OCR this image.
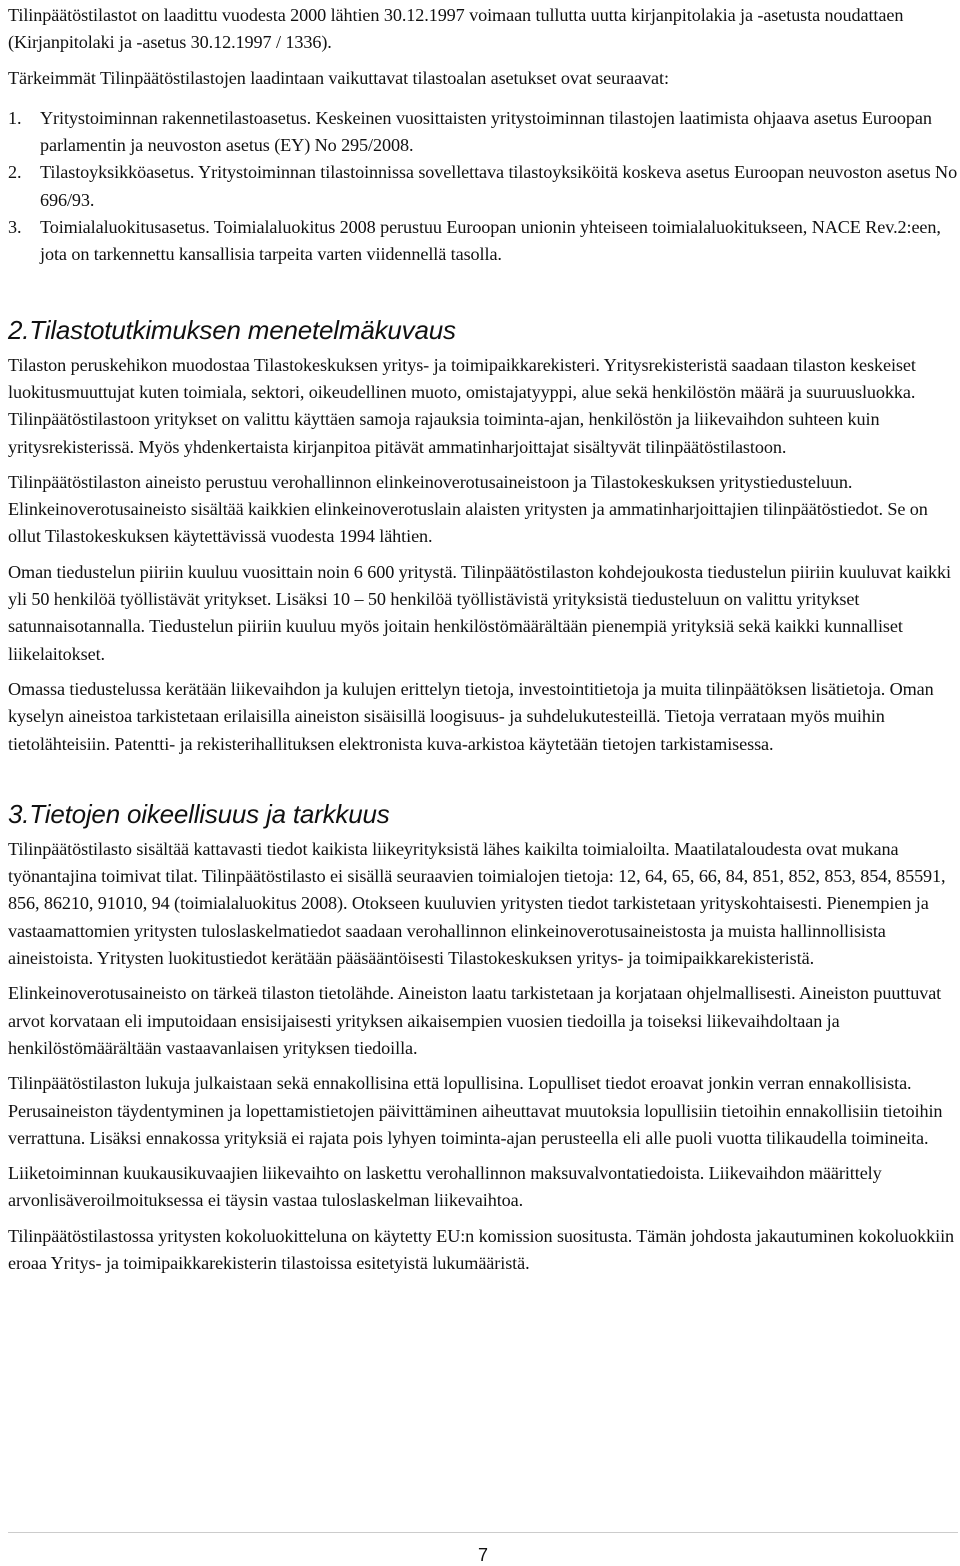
Tilinpäätöstilastot on laadittu vuodesta 2000 lähtien 30.12.1997 voimaan tullutta uutta kirjanpitolakia ja -asetusta noudattaen (Kirjanpitolaki ja -asetus 30.12.1997 / 1336).

Tärkeimmät Tilinpäätöstilastojen laadintaan vaikuttavat tilastoalan asetukset ovat seuraavat:

1. Yritystoiminnan rakennetilastoasetus. Keskeinen vuosittaisten yritystoiminnan tilastojen laatimista ohjaava asetus Euroopan parlamentin ja neuvoston asetus (EY) No 295/2008.
2. Tilastoyksikköasetus. Yritystoiminnan tilastoinnissa sovellettava tilastoyksiköitä koskeva asetus Euroopan neuvoston asetus No 696/93.
3. Toimialaluokitusasetus. Toimialaluokitus 2008 perustuu Euroopan unionin yhteiseen toimialaluokitukseen, NACE Rev.2:een, jota on tarkennettu kansallisia tarpeita varten viidennellä tasolla.
2.Tilastotutkimuksen menetelmäkuvaus

Tilaston peruskehikon muodostaa Tilastokeskuksen yritys- ja toimipaikkarekisteri. Yritysrekisteristä saadaan tilaston keskeiset luokitusmuuttujat kuten toimiala, sektori, oikeudellinen muoto, omistajatyyppi, alue sekä henkilöstön määrä ja suuruusluokka. Tilinpäätöstilastoon yritykset on valittu käyttäen samoja rajauksia toiminta-ajan, henkilöstön ja liikevaihdon suhteen kuin yritysrekisterissä. Myös yhdenkertaista kirjanpitoa pitävät ammatinharjoittajat sisältyvät tilinpäätöstilastoon.

Tilinpäätöstilaston aineisto perustuu verohallinnon elinkeinoverotusaineistoon ja Tilastokeskuksen yritystiedusteluun. Elinkeinoverotusaineisto sisältää kaikkien elinkeinoverotuslain alaisten yritysten ja ammatinharjoittajien tilinpäätöstiedot. Se on ollut Tilastokeskuksen käytettävissä vuodesta 1994 lähtien.

Oman tiedustelun piiriin kuuluu vuosittain noin 6 600 yritystä. Tilinpäätöstilaston kohdejoukosta tiedustelun piiriin kuuluvat kaikki yli 50 henkilöä työllistävät yritykset. Lisäksi 10 – 50 henkilöä työllistävistä yrityksistä tiedusteluun on valittu yritykset satunnaisotannalla. Tiedustelun piiriin kuuluu myös joitain henkilöstömäärältään pienempiä yrityksiä sekä kaikki kunnalliset liikelaitokset.

Omassa tiedustelussa kerätään liikevaihdon ja kulujen erittelyn tietoja, investointitietoja ja muita tilinpäätöksen lisätietoja. Oman kyselyn aineistoa tarkistetaan erilaisilla aineiston sisäisillä loogisuus- ja suhdelukutesteillä. Tietoja verrataan myös muihin tietolähteisiin. Patentti- ja rekisterihallituksen elektronista kuva-arkistoa käytetään tietojen tarkistamisessa.

3.Tietojen oikeellisuus ja tarkkuus

Tilinpäätöstilasto sisältää kattavasti tiedot kaikista liikeyrityksistä lähes kaikilta toimialoilta. Maatilataloudesta ovat mukana työnantajina toimivat tilat. Tilinpäätöstilasto ei sisällä seuraavien toimialojen tietoja: 12, 64, 65, 66, 84, 851, 852, 853, 854, 85591, 856, 86210, 91010, 94 (toimialaluokitus 2008). Otokseen kuuluvien yritysten tiedot tarkistetaan yrityskohtaisesti. Pienempien ja vastaamattomien yritysten tuloslaskelmatiedot saadaan verohallinnon elinkeinoverotusaineistosta ja muista hallinnollisista aineistoista. Yritysten luokitustiedot kerätään pääsääntöisesti Tilastokeskuksen yritys- ja toimipaikkarekisteristä.

Elinkeinoverotusaineisto on tärkeä tilaston tietolähde. Aineiston laatu tarkistetaan ja korjataan ohjelmallisesti. Aineiston puuttuvat arvot korvataan eli imputoidaan ensisijaisesti yrityksen aikaisempien vuosien tiedoilla ja toiseksi liikevaihdoltaan ja henkilöstömäärältään vastaavanlaisen yrityksen tiedoilla.

Tilinpäätöstilaston lukuja julkaistaan sekä ennakollisina että lopullisina. Lopulliset tiedot eroavat jonkin verran ennakollisista. Perusaineiston täydentyminen ja lopettamistietojen päivittäminen aiheuttavat muutoksia lopullisiin tietoihin ennakollisiin tietoihin verrattuna. Lisäksi ennakossa yrityksiä ei rajata pois lyhyen toiminta-ajan perusteella eli alle puoli vuotta tilikaudella toimineita.

Liiketoiminnan kuukausikuvaajien liikevaihto on laskettu verohallinnon maksuvalvontatiedoista. Liikevaihdon määrittely arvonlisäveroilmoituksessa ei täysin vastaa tuloslaskelman liikevaihtoa.

Tilinpäätöstilastossa yritysten kokoluokitteluna on käytetty EU:n komission suositusta. Tämän johdosta jakautuminen kokoluokkiin eroaa Yritys- ja toimipaikkarekisterin tilastoissa esitetyistä lukumääristä.

7
